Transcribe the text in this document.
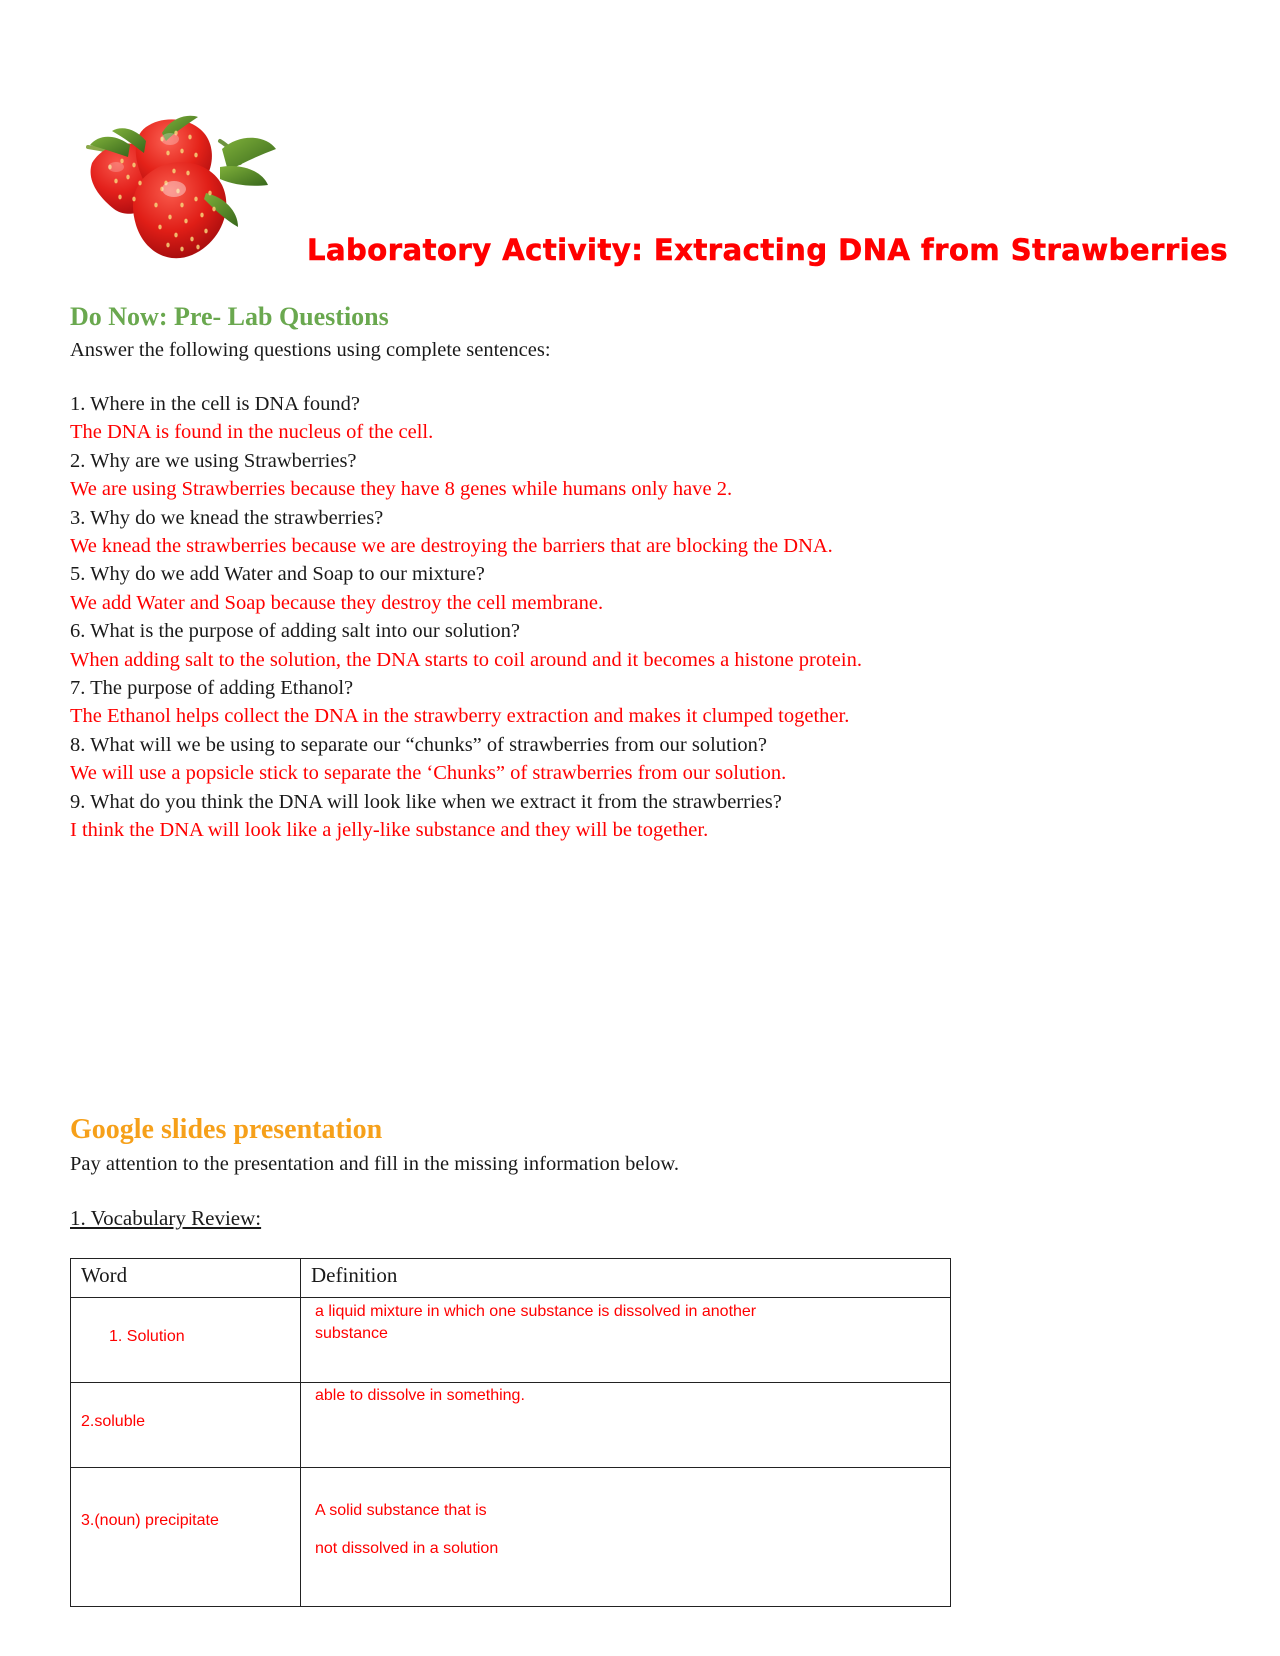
Laboratory Activity: Extracting DNA from Strawberries
Do Now: Pre- Lab Questions
Answer the following questions using complete sentences:
1. Where in the cell is DNA found?
The DNA is found in the nucleus of the cell.
2. Why are we using Strawberries?
We are using Strawberries because they have 8 genes while humans only have 2.
3. Why do we knead the strawberries?
We knead the strawberries because we are destroying the barriers that are blocking the DNA.
5. Why do we add Water and Soap to our mixture?
We add Water and Soap because they destroy the cell membrane.
6. What is the purpose of adding salt into our solution?
When adding salt to the solution, the DNA starts to coil around and it becomes a histone protein.
7. The purpose of adding Ethanol?
The Ethanol helps collect the DNA in the strawberry extraction and makes it clumped together.
8. What will we be using to separate our “chunks” of strawberries from our solution?
We will use a popsicle stick to separate the ‘Chunks” of strawberries from our solution.
9. What do you think the DNA will look like when we extract it from the strawberries?
I think the DNA will look like a jelly-like substance and they will be together.
Google slides presentation
Pay attention to the presentation and fill in the missing information below.
1. Vocabulary Review:
Word	Definition
1. Solution	a liquid mixture in which one substance is dissolved in another
substance

2.soluble	able to dissolve in something.

3.(noun) precipitate	A solid substance that is
not dissolved in a solution
